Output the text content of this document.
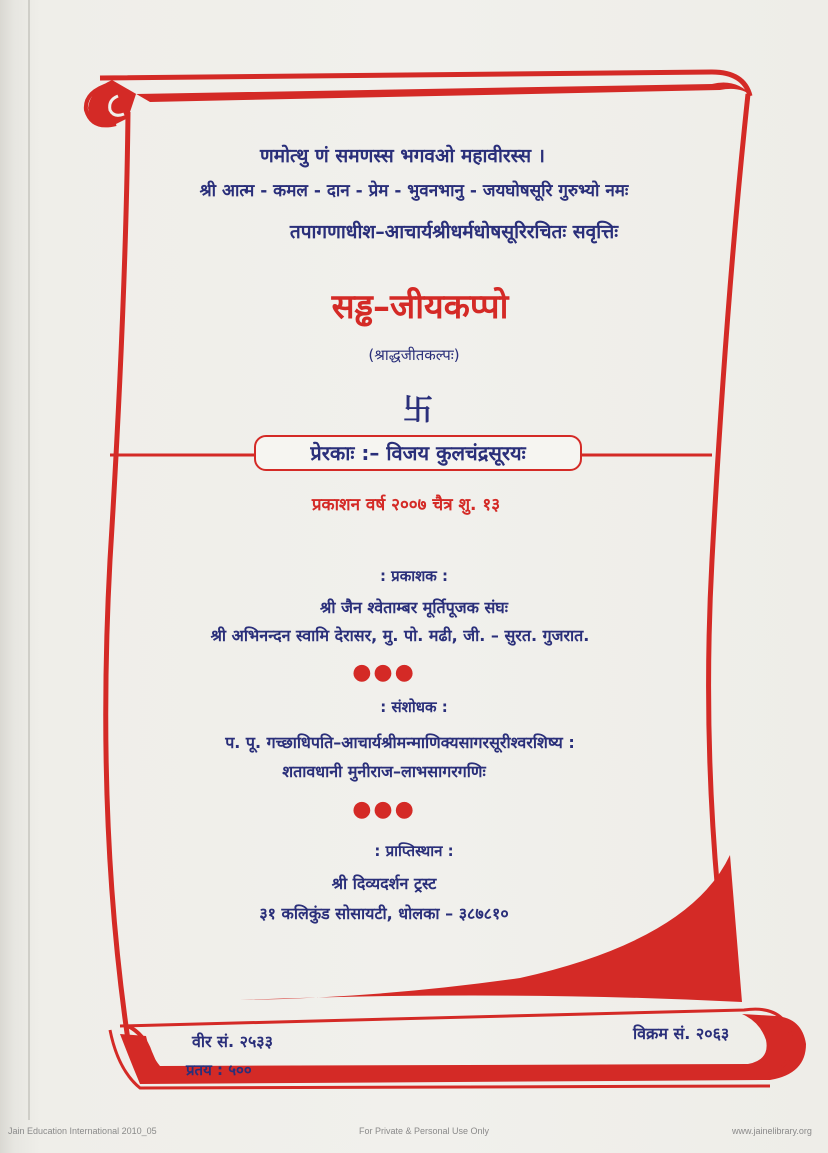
णमोत्थु णं समणस्स भगवओ महावीरस्स ।
श्री आत्म - कमल - दान - प्रेम - भुवनभानु - जयघोषसूरि गुरुभ्यो नमः
तपागणाधीश–आचार्यश्रीधर्मधोषसूरिरचितः सवृत्तिः
सड्ढ–जीयकप्पो
(श्राद्धजीतकल्पः)
卐
प्रेरकाः :– विजय कुलचंद्रसूरयः
प्रकाशन वर्ष २००७ चैत्र शु. १३
: प्रकाशक :
श्री जैन श्वेताम्बर मूर्तिपूजक संघः
श्री अभिनन्दन स्वामि देरासर, मु. पो. मढी, जी. – सुरत. गुजरात.
●●●
: संशोधक :
प. पू. गच्छाधिपति–आचार्यश्रीमन्माणिक्यसागरसूरीश्वरशिष्य :
शतावधानी मुनीराज–लाभसागरगणिः
●●●
: प्राप्तिस्थान :
श्री दिव्यदर्शन ट्रस्ट
३१ कलिकुंड सोसायटी, धोलका – ३८७८१०
वीर सं. २५३३	विक्रम सं. २०६३
प्रतय : ५००
Jain Education International 2010_05	For Private & Personal Use Only	www.jainelibrary.org
